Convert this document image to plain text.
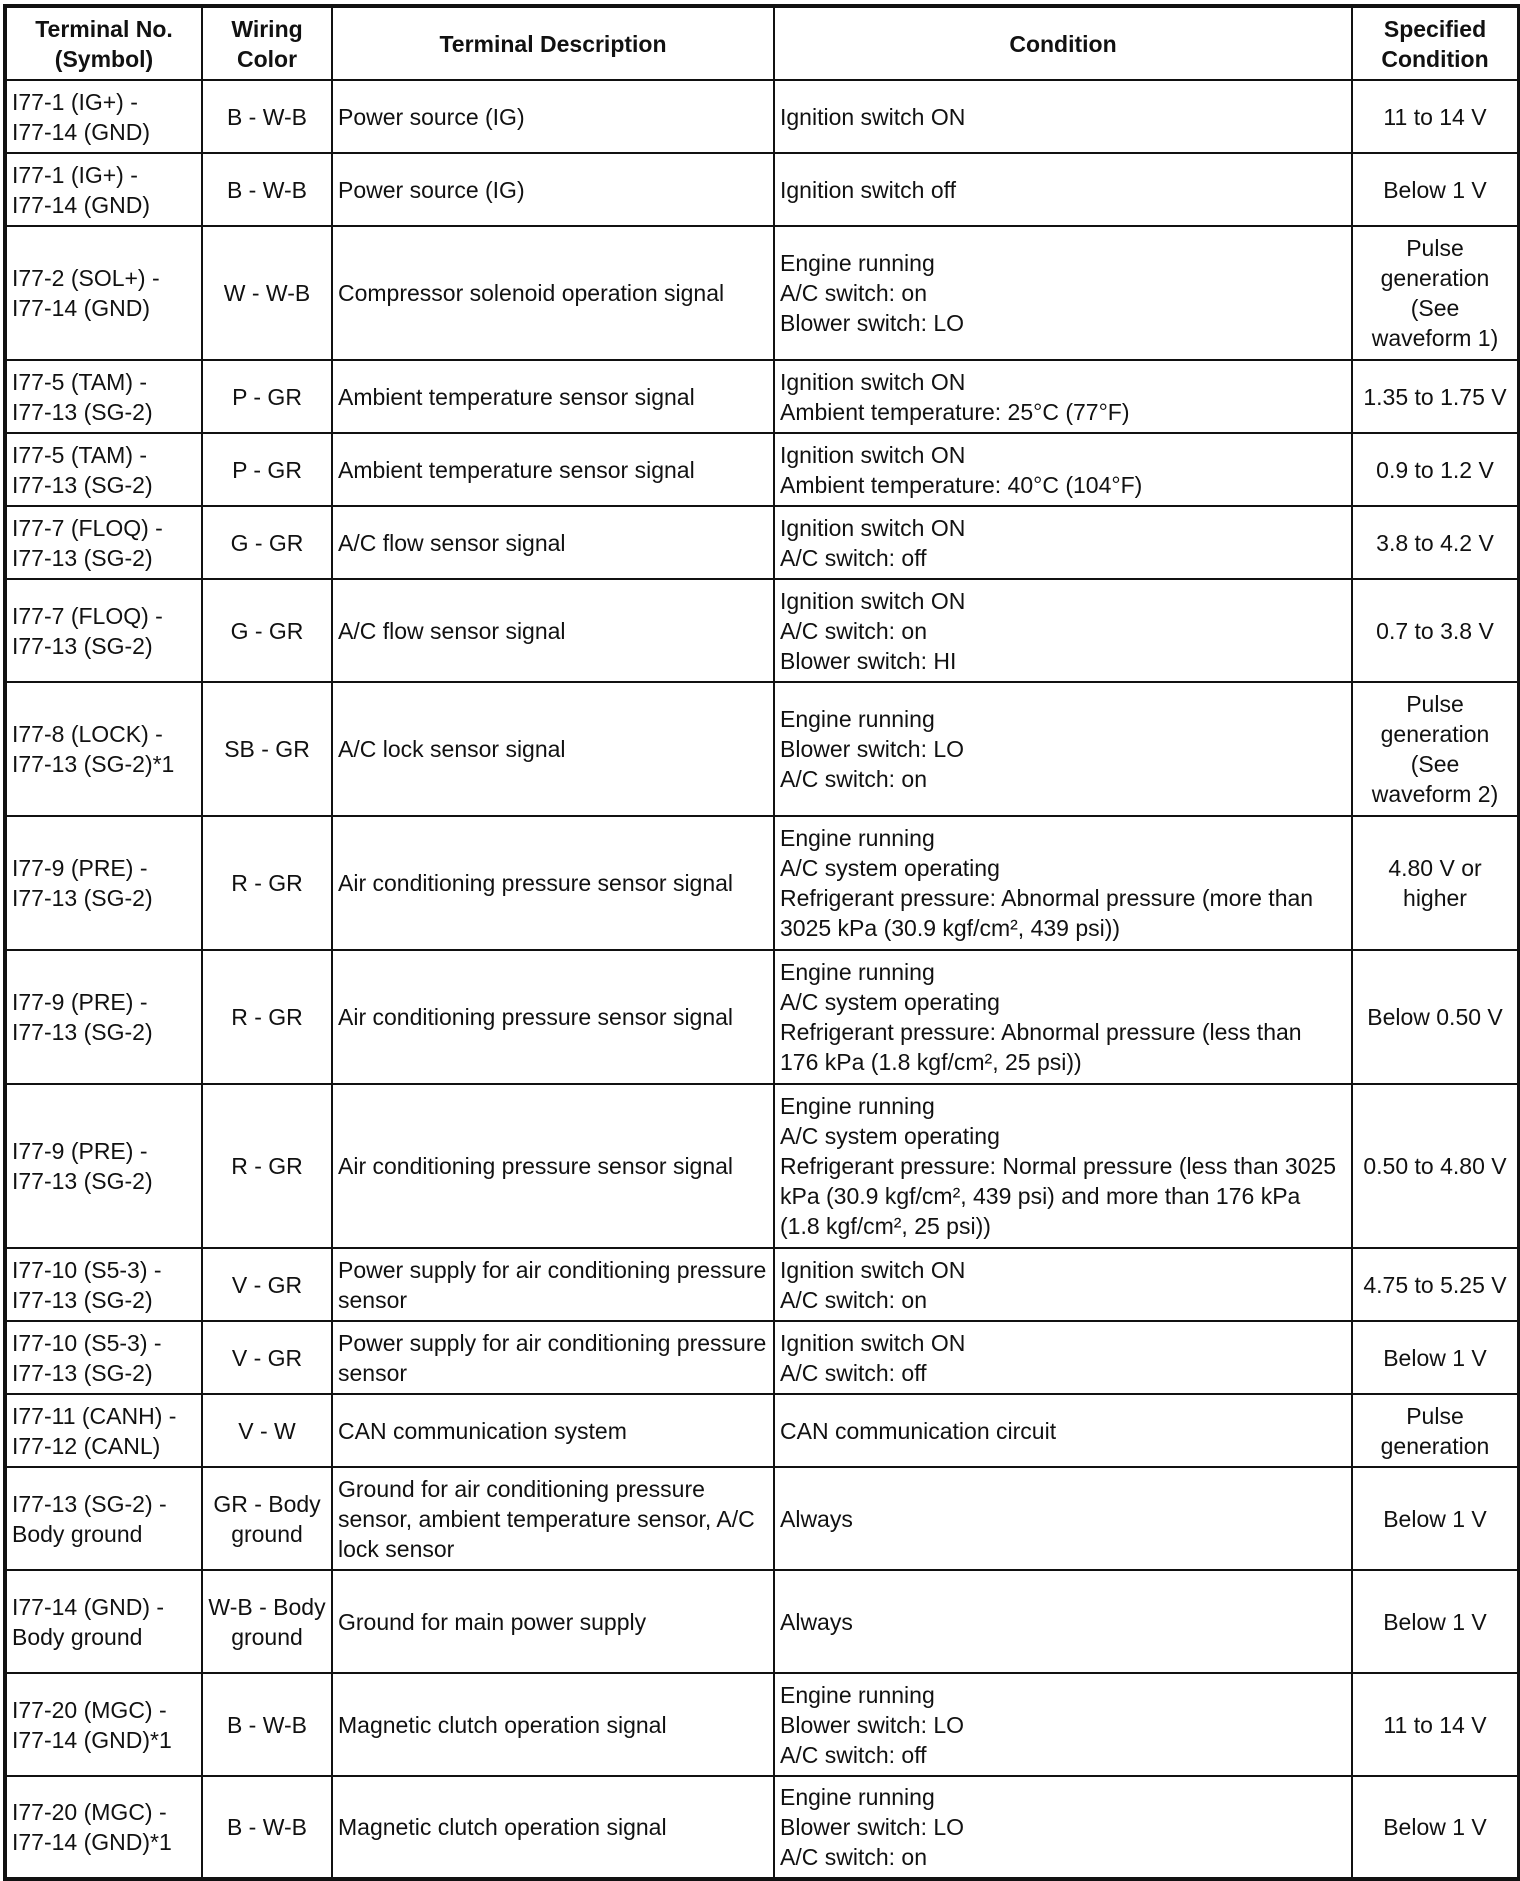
Terminal No. (Symbol)	Wiring Color	Terminal Description	Condition	Specified Condition

I77-1 (IG+) -
I77-14 (GND)	B - W-B	Power source (IG)	Ignition switch ON	11 to 14 V

I77-1 (IG+) -
I77-14 (GND)	B - W-B	Power source (IG)	Ignition switch off	Below 1 V

I77-2 (SOL+) -
I77-14 (GND)	W - W-B	Compressor solenoid operation signal	Engine running
A/C switch: on
Blower switch: LO	Pulse generation (See waveform 1)

I77-5 (TAM) -
I77-13 (SG-2)	P - GR	Ambient temperature sensor signal	Ignition switch ON
Ambient temperature: 25°C (77°F)	1.35 to 1.75 V

I77-5 (TAM) -
I77-13 (SG-2)	P - GR	Ambient temperature sensor signal	Ignition switch ON
Ambient temperature: 40°C (104°F)	0.9 to 1.2 V

I77-7 (FLOQ) -
I77-13 (SG-2)	G - GR	A/C flow sensor signal	Ignition switch ON
A/C switch: off	3.8 to 4.2 V

I77-7 (FLOQ) -
I77-13 (SG-2)	G - GR	A/C flow sensor signal	Ignition switch ON
A/C switch: on
Blower switch: HI	0.7 to 3.8 V

I77-8 (LOCK) -
I77-13 (SG-2)*1	SB - GR	A/C lock sensor signal	Engine running
Blower switch: LO
A/C switch: on	Pulse generation (See waveform 2)

I77-9 (PRE) -
I77-13 (SG-2)	R - GR	Air conditioning pressure sensor signal	Engine running
A/C system operating
Refrigerant pressure: Abnormal pressure (more than 3025 kPa (30.9 kgf/cm², 439 psi))	4.80 V or higher

I77-9 (PRE) -
I77-13 (SG-2)	R - GR	Air conditioning pressure sensor signal	Engine running
A/C system operating
Refrigerant pressure: Abnormal pressure (less than 176 kPa (1.8 kgf/cm², 25 psi))	Below 0.50 V

I77-9 (PRE) -
I77-13 (SG-2)	R - GR	Air conditioning pressure sensor signal	Engine running
A/C system operating
Refrigerant pressure: Normal pressure (less than 3025 kPa (30.9 kgf/cm², 439 psi) and more than 176 kPa (1.8 kgf/cm², 25 psi))	0.50 to 4.80 V

I77-10 (S5-3) -
I77-13 (SG-2)	V - GR	Power supply for air conditioning pressure sensor	Ignition switch ON
A/C switch: on	4.75 to 5.25 V

I77-10 (S5-3) -
I77-13 (SG-2)	V - GR	Power supply for air conditioning pressure sensor	Ignition switch ON
A/C switch: off	Below 1 V

I77-11 (CANH) -
I77-12 (CANL)	V - W	CAN communication system	CAN communication circuit	Pulse generation

I77-13 (SG-2) -
Body ground	GR - Body ground	Ground for air conditioning pressure sensor, ambient temperature sensor, A/C lock sensor	Always	Below 1 V

I77-14 (GND) -
Body ground	W-B - Body ground	Ground for main power supply	Always	Below 1 V

I77-20 (MGC) -
I77-14 (GND)*1	B - W-B	Magnetic clutch operation signal	Engine running
Blower switch: LO
A/C switch: off	11 to 14 V

I77-20 (MGC) -
I77-14 (GND)*1	B - W-B	Magnetic clutch operation signal	Engine running
Blower switch: LO
A/C switch: on	Below 1 V
